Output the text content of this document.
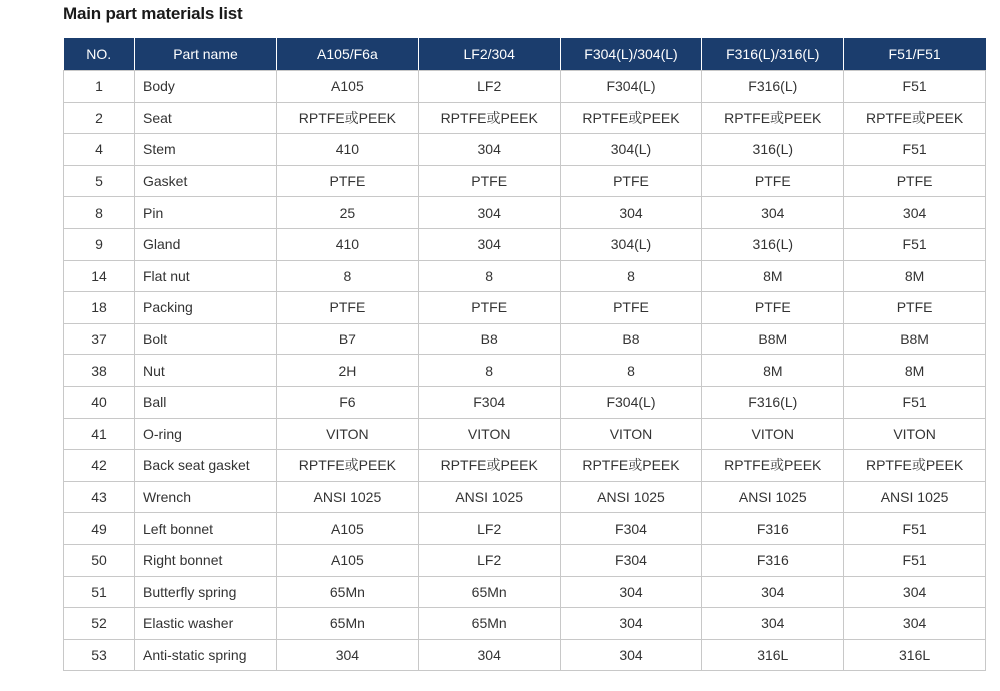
Main part materials list
NO.	Part name	A105/F6a	LF2/304	F304(L)/304(L)	F316(L)/316(L)	F51/F51
1	Body	A105	LF2	F304(L)	F316(L)	F51
2	Seat	RPTFE或PEEK	RPTFE或PEEK	RPTFE或PEEK	RPTFE或PEEK	RPTFE或PEEK
4	Stem	410	304	304(L)	316(L)	F51
5	Gasket	PTFE	PTFE	PTFE	PTFE	PTFE
8	Pin	25	304	304	304	304
9	Gland	410	304	304(L)	316(L)	F51
14	Flat nut	8	8	8	8M	8M
18	Packing	PTFE	PTFE	PTFE	PTFE	PTFE
37	Bolt	B7	B8	B8	B8M	B8M
38	Nut	2H	8	8	8M	8M
40	Ball	F6	F304	F304(L)	F316(L)	F51
41	O-ring	VITON	VITON	VITON	VITON	VITON
42	Back seat gasket	RPTFE或PEEK	RPTFE或PEEK	RPTFE或PEEK	RPTFE或PEEK	RPTFE或PEEK
43	Wrench	ANSI 1025	ANSI 1025	ANSI 1025	ANSI 1025	ANSI 1025
49	Left bonnet	A105	LF2	F304	F316	F51
50	Right bonnet	A105	LF2	F304	F316	F51
51	Butterfly spring	65Mn	65Mn	304	304	304
52	Elastic washer	65Mn	65Mn	304	304	304
53	Anti-static spring	304	304	304	316L	316L
